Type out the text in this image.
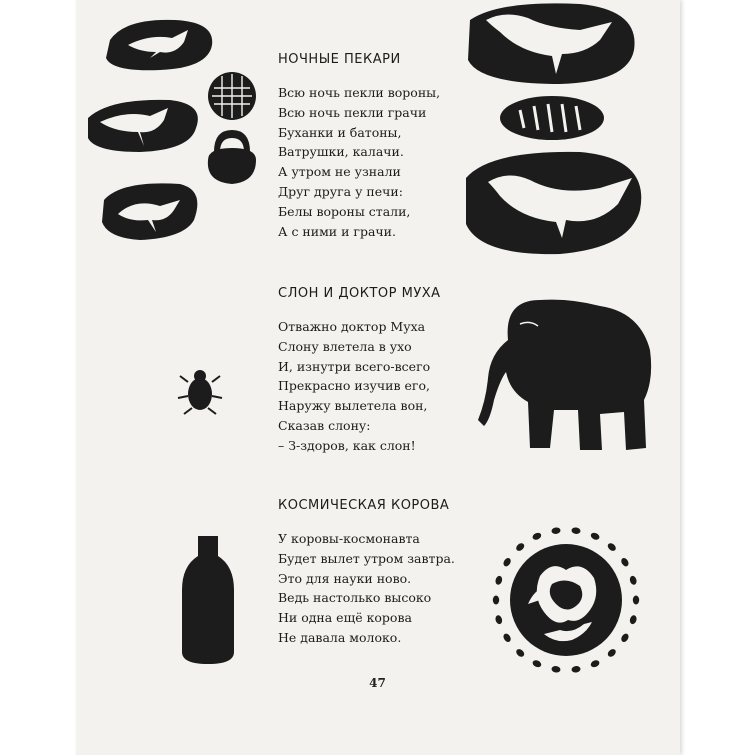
НОЧНЫЕ ПЕКАРИ
Всю ночь пекли вороны,
Всю ночь пекли грачи
Буханки и батоны,
Ватрушки, калачи.
А утром не узнали
Друг друга у печи:
Белы вороны стали,
А с ними и грачи.
СЛОН И ДОКТОР МУХА
Отважно доктор Муха
Слону влетела в ухо
И, изнутри всего-всего
Прекрасно изучив его,
Наружу вылетела вон,
Сказав слону:
– З-здоров, как слон!
КОСМИЧЕСКАЯ КОРОВА
У коровы-космонавта
Будет вылет утром завтра.
Это для науки ново.
Ведь настолько высоко
Ни одна ещё корова
Не давала молоко.
47
